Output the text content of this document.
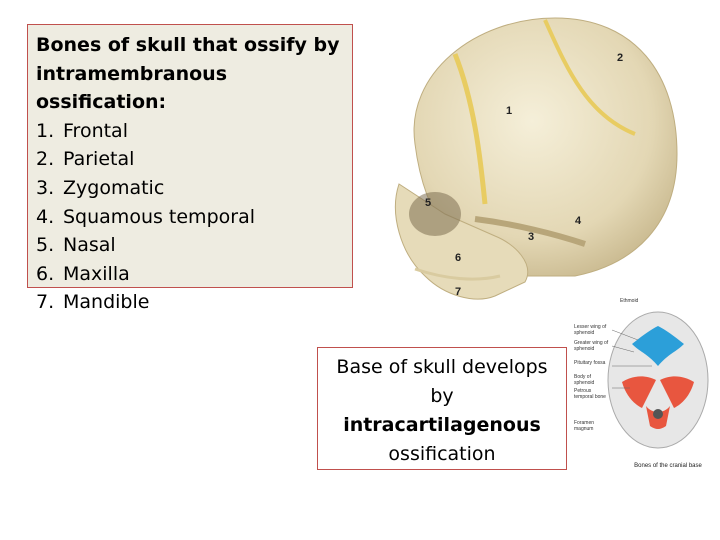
Bones of skull that ossify by intramembranous ossification:
1. Frontal
2. Parietal
3. Zygomatic
4. Squamous temporal
5. Nasal
6. Maxilla
7. Mandible
1
2
3
4
5
6
7
Base of skull develops
by
intracartilagenous
ossification
Ethmoid
Lesser wing of sphenoid
Greater wing of sphenoid
Pituitary fossa
Body of sphenoid
Petrous temporal bone
Foramen magnum
Bones of the cranial base
